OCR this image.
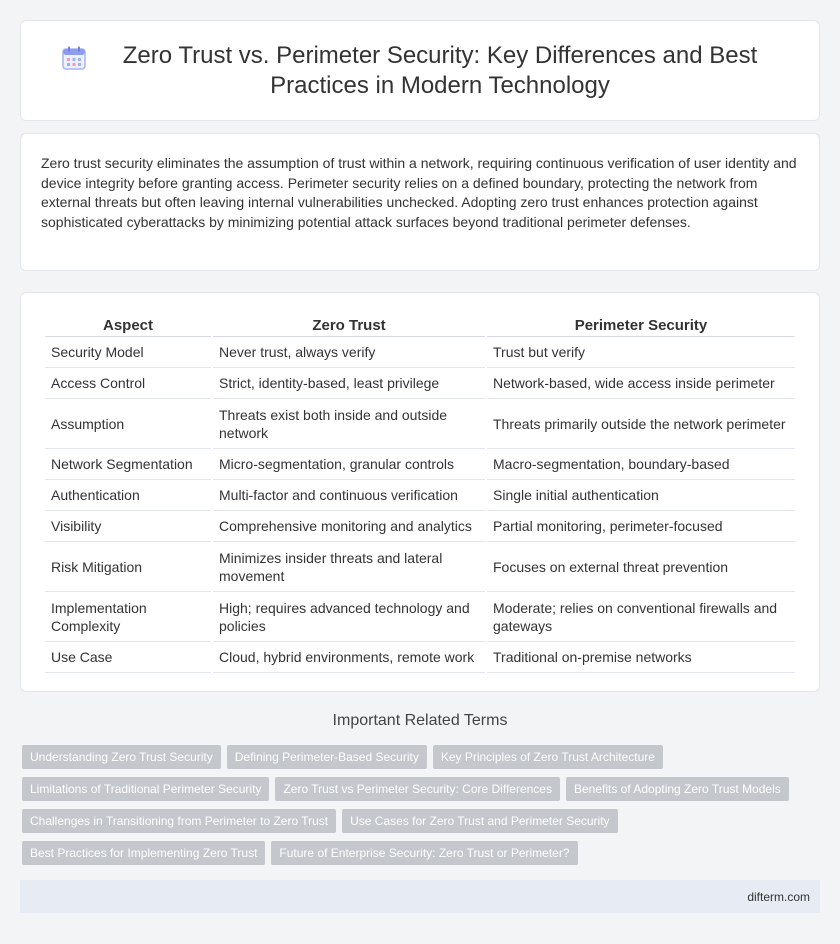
Zero Trust vs. Perimeter Security: Key Differences and Best Practices in Modern Technology

Zero trust security eliminates the assumption of trust within a network, requiring continuous verification of user identity and device integrity before granting access. Perimeter security relies on a defined boundary, protecting the network from external threats but often leaving internal vulnerabilities unchecked. Adopting zero trust enhances protection against sophisticated cyberattacks by minimizing potential attack surfaces beyond traditional perimeter defenses.

Aspect	Zero Trust	Perimeter Security
Security Model	Never trust, always verify	Trust but verify
Access Control	Strict, identity-based, least privilege	Network-based, wide access inside perimeter
Assumption	Threats exist both inside and outside network	Threats primarily outside the network perimeter
Network Segmentation	Micro-segmentation, granular controls	Macro-segmentation, boundary-based
Authentication	Multi-factor and continuous verification	Single initial authentication
Visibility	Comprehensive monitoring and analytics	Partial monitoring, perimeter-focused
Risk Mitigation	Minimizes insider threats and lateral movement	Focuses on external threat prevention
Implementation Complexity	High; requires advanced technology and policies	Moderate; relies on conventional firewalls and gateways
Use Case	Cloud, hybrid environments, remote work	Traditional on-premise networks
Important Related Terms
Understanding Zero Trust Security	Defining Perimeter-Based Security	Key Principles of Zero Trust Architecture
Limitations of Traditional Perimeter Security	Zero Trust vs Perimeter Security: Core Differences	Benefits of Adopting Zero Trust Models
Challenges in Transitioning from Perimeter to Zero Trust	Use Cases for Zero Trust and Perimeter Security
Best Practices for Implementing Zero Trust	Future of Enterprise Security: Zero Trust or Perimeter?
difterm.com
